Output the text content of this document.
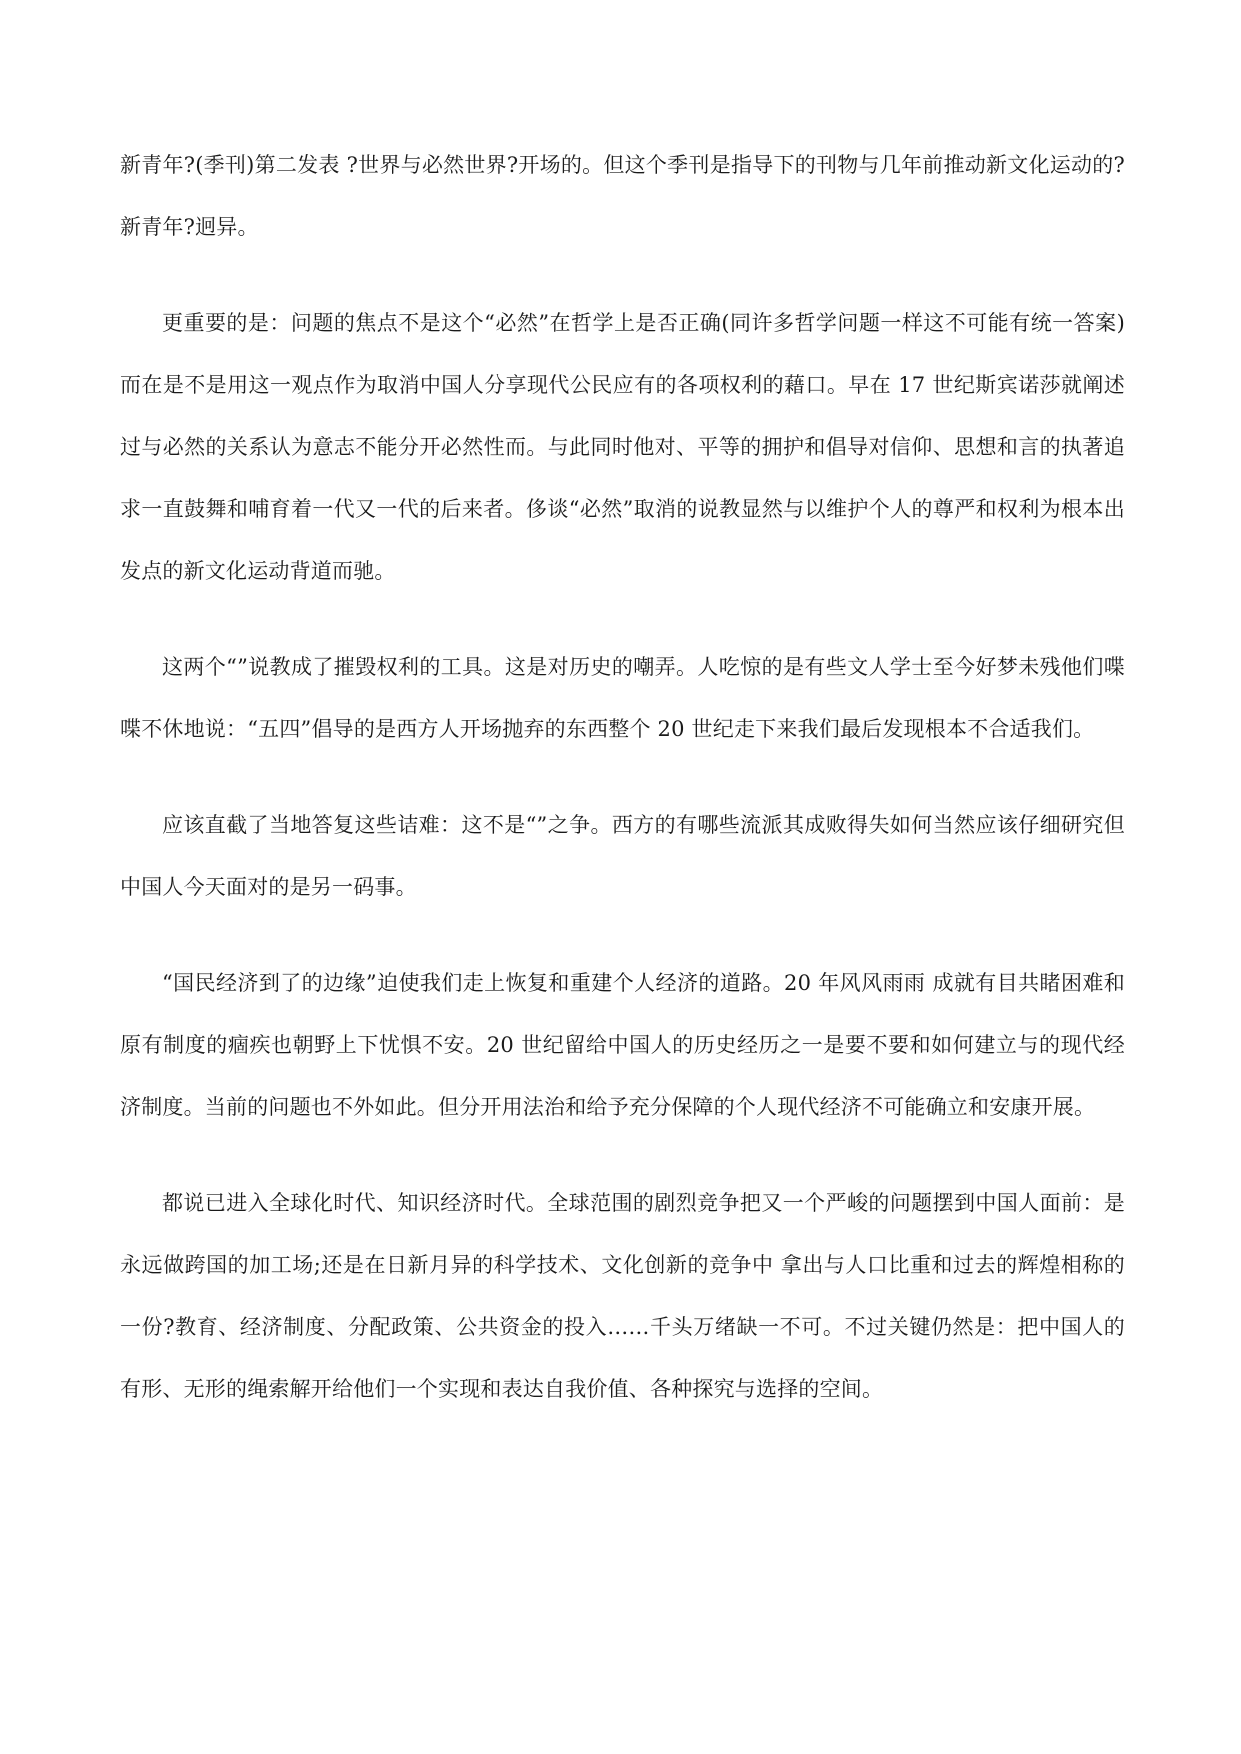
新青年?(季刊)第二发表 ?世界与必然世界?开场的。但这个季刊是指导下的刊物与几年前推动新文化运动的?新青年?迥异。

更重要的是：问题的焦点不是这个“必然”在哲学上是否正确(同许多哲学问题一样这不可能有统一答案)而在是不是用这一观点作为取消中国人分享现代公民应有的各项权利的藉口。早在 17 世纪斯宾诺莎就阐述过与必然的关系认为意志不能分开必然性而。与此同时他对、平等的拥护和倡导对信仰、思想和言的执著追求一直鼓舞和哺育着一代又一代的后来者。侈谈“必然”取消的说教显然与以维护个人的尊严和权利为根本出发点的新文化运动背道而驰。

这两个“”说教成了摧毁权利的工具。这是对历史的嘲弄。人吃惊的是有些文人学士至今好梦未残他们喋喋不休地说：“五四”倡导的是西方人开场抛弃的东西整个 20 世纪走下来我们最后发现根本不合适我们。

应该直截了当地答复这些诘难：这不是“”之争。西方的有哪些流派其成败得失如何当然应该仔细研究但中国人今天面对的是另一码事。

“国民经济到了的边缘”迫使我们走上恢复和重建个人经济的道路。20 年风风雨雨 成就有目共睹困难和原有制度的痼疾也朝野上下忧惧不安。20 世纪留给中国人的历史经历之一是要不要和如何建立与的现代经济制度。当前的问题也不外如此。但分开用法治和给予充分保障的个人现代经济不可能确立和安康开展。

都说已进入全球化时代、知识经济时代。全球范围的剧烈竞争把又一个严峻的问题摆到中国人面前：是永远做跨国的加工场;还是在日新月异的科学技术、文化创新的竞争中 拿出与人口比重和过去的辉煌相称的一份?教育、经济制度、分配政策、公共资金的投入……千头万绪缺一不可。不过关键仍然是：把中国人的有形、无形的绳索解开给他们一个实现和表达自我价值、各种探究与选择的空间。
